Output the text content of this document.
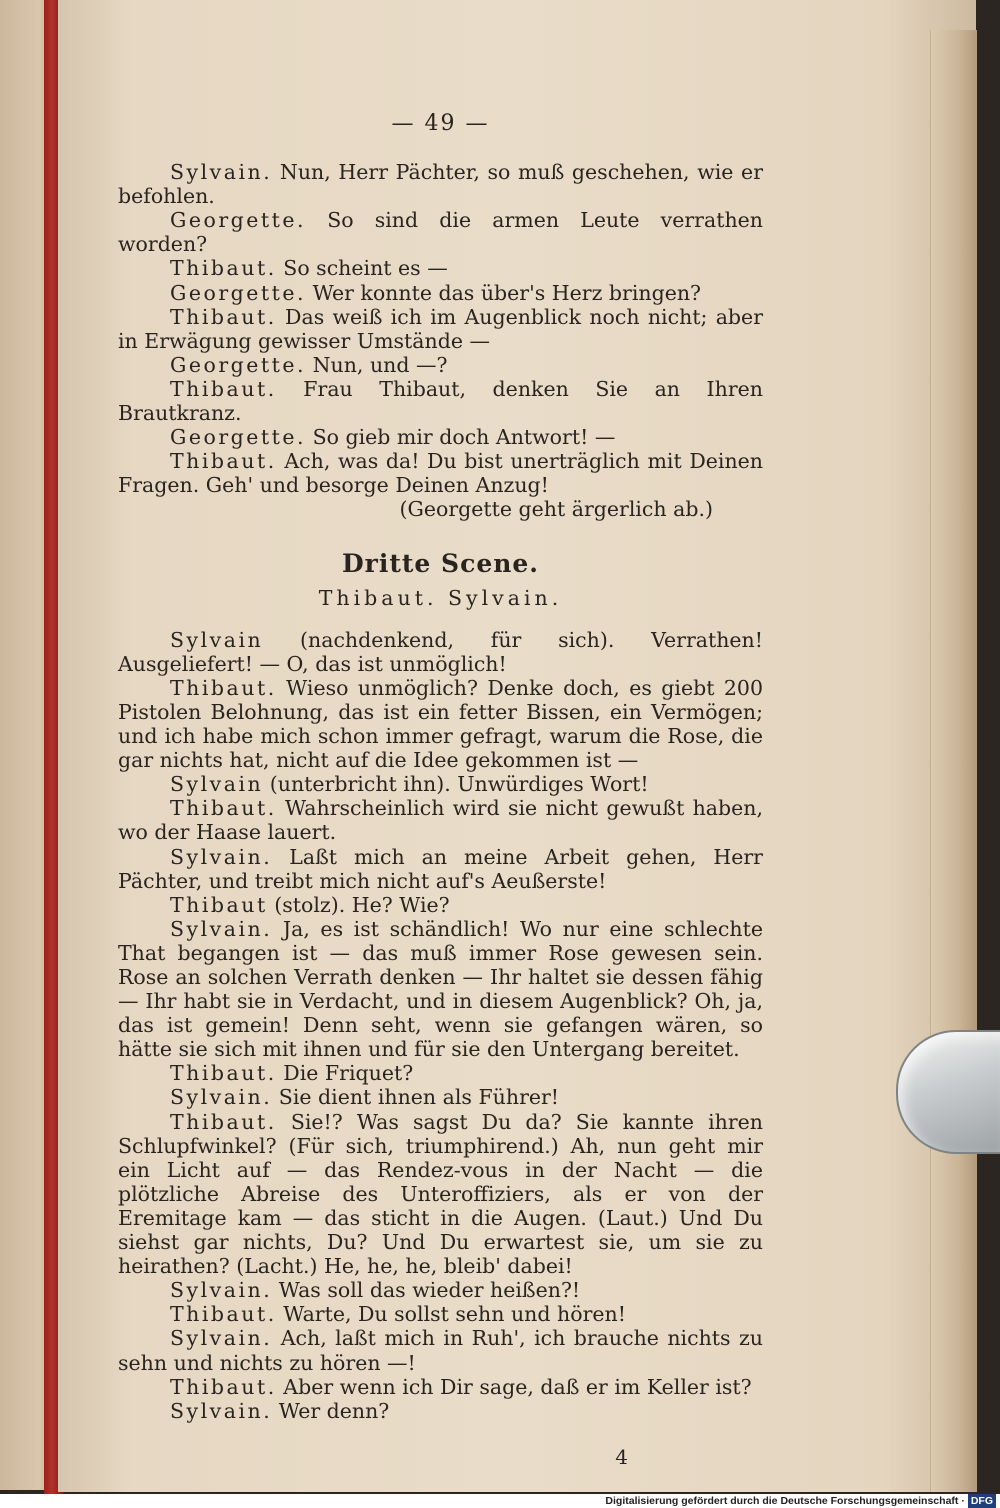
— 49 —

Sylvain. Nun, Herr Pächter, so muß geschehen, wie er befohlen.

Georgette. So sind die armen Leute verrathen worden?

Thibaut. So scheint es —

Georgette. Wer konnte das über's Herz bringen?

Thibaut. Das weiß ich im Augenblick noch nicht; aber in Erwägung gewisser Umstände —

Georgette. Nun, und —?

Thibaut. Frau Thibaut, denken Sie an Ihren Brautkranz.

Georgette. So gieb mir doch Antwort! —

Thibaut. Ach, was da! Du bist unerträglich mit Deinen Fragen. Geh' und besorge Deinen Anzug!

(Georgette geht ärgerlich ab.)

Dritte Scene.
Thibaut. Sylvain.

Sylvain (nachdenkend, für sich). Verrathen! Ausgeliefert! — O, das ist unmöglich!

Thibaut. Wieso unmöglich? Denke doch, es giebt 200 Pistolen Belohnung, das ist ein fetter Bissen, ein Vermögen; und ich habe mich schon immer gefragt, warum die Rose, die gar nichts hat, nicht auf die Idee gekommen ist —

Sylvain (unterbricht ihn). Unwürdiges Wort!

Thibaut. Wahrscheinlich wird sie nicht gewußt haben, wo der Haase lauert.

Sylvain. Laßt mich an meine Arbeit gehen, Herr Pächter, und treibt mich nicht auf's Aeußerste!

Thibaut (stolz). He? Wie?

Sylvain. Ja, es ist schändlich! Wo nur eine schlechte That begangen ist — das muß immer Rose gewesen sein. Rose an solchen Verrath denken — Ihr haltet sie dessen fähig — Ihr habt sie in Verdacht, und in diesem Augenblick? Oh, ja, das ist gemein! Denn seht, wenn sie gefangen wären, so hätte sie sich mit ihnen und für sie den Untergang bereitet.

Thibaut. Die Friquet?

Sylvain. Sie dient ihnen als Führer!

Thibaut. Sie!? Was sagst Du da? Sie kannte ihren Schlupfwinkel? (Für sich, triumphirend.) Ah, nun geht mir ein Licht auf — das Rendez-vous in der Nacht — die plötzliche Abreise des Unteroffiziers, als er von der Eremitage kam — das sticht in die Augen. (Laut.) Und Du siehst gar nichts, Du? Und Du erwartest sie, um sie zu heirathen? (Lacht.) He, he, he, bleib' dabei!

Sylvain. Was soll das wieder heißen?!

Thibaut. Warte, Du sollst sehn und hören!

Sylvain. Ach, laßt mich in Ruh', ich brauche nichts zu sehn und nichts zu hören —!

Thibaut. Aber wenn ich Dir sage, daß er im Keller ist?

Sylvain. Wer denn?

4
Digitalisierung gefördert durch die Deutsche Forschungsgemeinschaft · DFG
